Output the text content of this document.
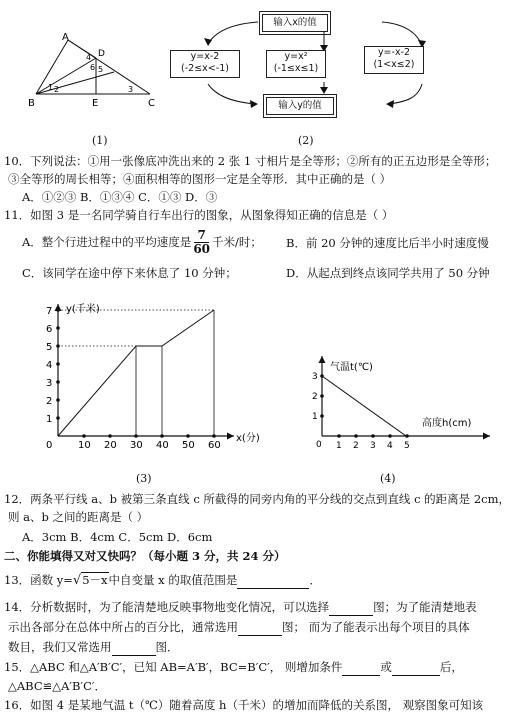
A
B	C
D
E
1 2	3
4
5
6
(1)
输入x的值
y=x-2
(-2≤x<-1)
y=x²
(-1≤x≤1)
y=-x-2
(1<x≤2)
输入y的值
(2)
10．下列说法：①用一张像底冲洗出来的 2 张 1 寸相片是全等形；②所有的正五边形是全等形；
③全等形的周长相等；④面积相等的图形一定是全等形．其中正确的是（ ）
A．①②③ B．①③④ C．①③ D．③
11．如图 3 是一名同学骑自行车出行的图象，从图象得知正确的信息是（ ）
A．整个行进过程中的平均速度是 $\frac{7}{60}$ 千米/时； B．前 20 分钟的速度比后半小时速度慢
C．该同学在途中停下来休息了 10 分钟；	D．从起点到终点该同学共用了 50 分钟
10 20 30 40 50 60
1
2
3
4
5
6
7 y(千米)
x(分)
0
(3)
1 2 3 4 5
3
2
1
气温t(℃)
高度h(cm)
0
(4)
12．两条平行线 a、b 被第三条直线 c 所截得的同旁内角的平分线的交点到直线 c 的距离是 2cm，
则 a、b 之间的距离是（ ）
A．3cm B．4cm C．5cm D．6cm
二、你能填得又对又快吗？（每小题 3 分，共 24 分）
13．函数 y=√5－x中自变量 x 的取值范围是	．
14．分析数据时，为了能清楚地反映事物地变化情况，可以选择	图；为了能清楚地表
示出各部分在总体中所占的百分比，通常选用	图； 而为了能表示出每个项目的具体
数目，我们又常选用	图．
15．△ABC 和△A′B′C′，已知 AB=A′B′，BC=B′C′， 则增加条件	或	后，
△ABC≌△A′B′C′．
16．如图 4 是某地气温 t（℃）随着高度 h（千米）的增加而降低的关系图， 观察图象可知该
